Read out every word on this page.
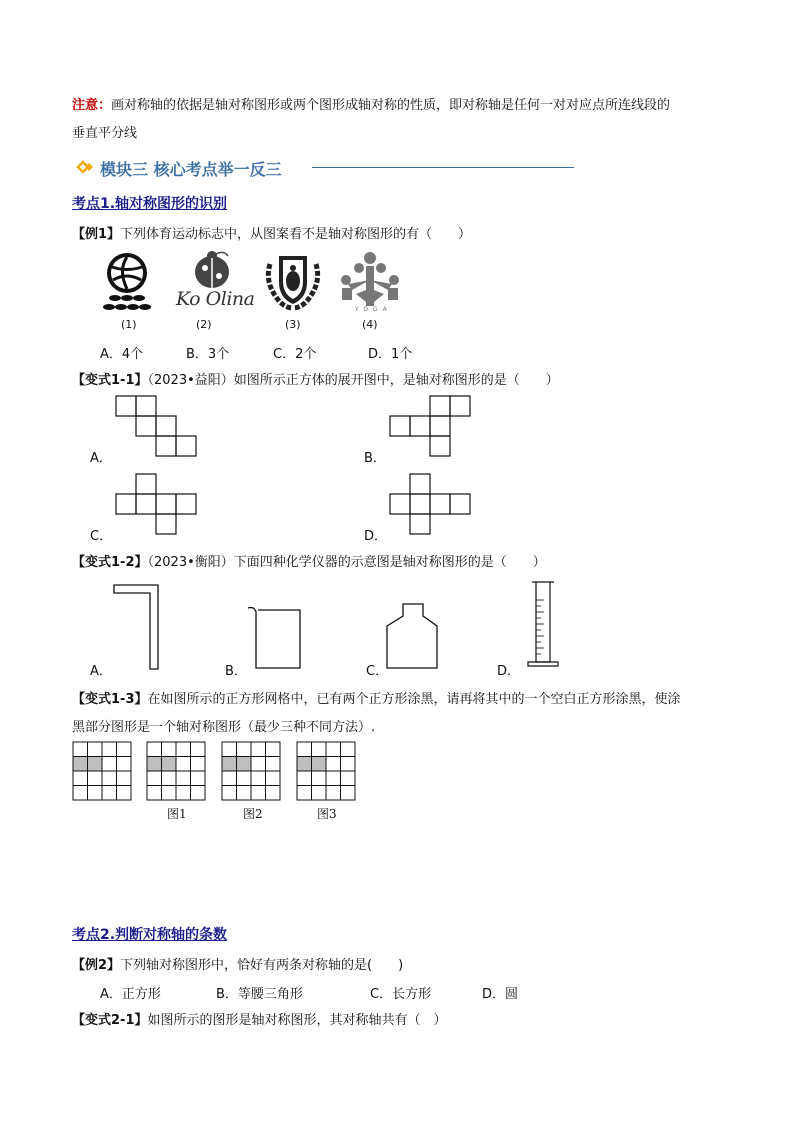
注意：画对称轴的依据是轴对称图形或两个图形成轴对称的性质，即对称轴是任何一对对应点所连线段的
垂直平分线
模块三 核心考点举一反三
考点1.轴对称图形的识别
【例1】下列体育运动标志中，从图案看不是轴对称图形的有（　　）
Ko Olina	YOGA
(1)	(2)	(3)	(4)
A．4个	B．3个	C．2个	D．1个
【变式1-1】（2023•益阳）如图所示正方体的展开图中，是轴对称图形的是（　　）
A．	B．
C．	D．
【变式1-2】（2023•衡阳）下面四种化学仪器的示意图是轴对称图形的是（　　）
A．	B．	C．	D．
【变式1-3】在如图所示的正方形网格中，已有两个正方形涂黑，请再将其中的一个空白正方形涂黑，使涂
黑部分图形是一个轴对称图形（最少三种不同方法）.
图1	图2	图3
考点2.判断对称轴的条数
【例2】下列轴对称图形中，恰好有两条对称轴的是(　　)
A．正方形	B．等腰三角形	C．长方形	D．圆
【变式2-1】如图所示的图形是轴对称图形，其对称轴共有（　）
